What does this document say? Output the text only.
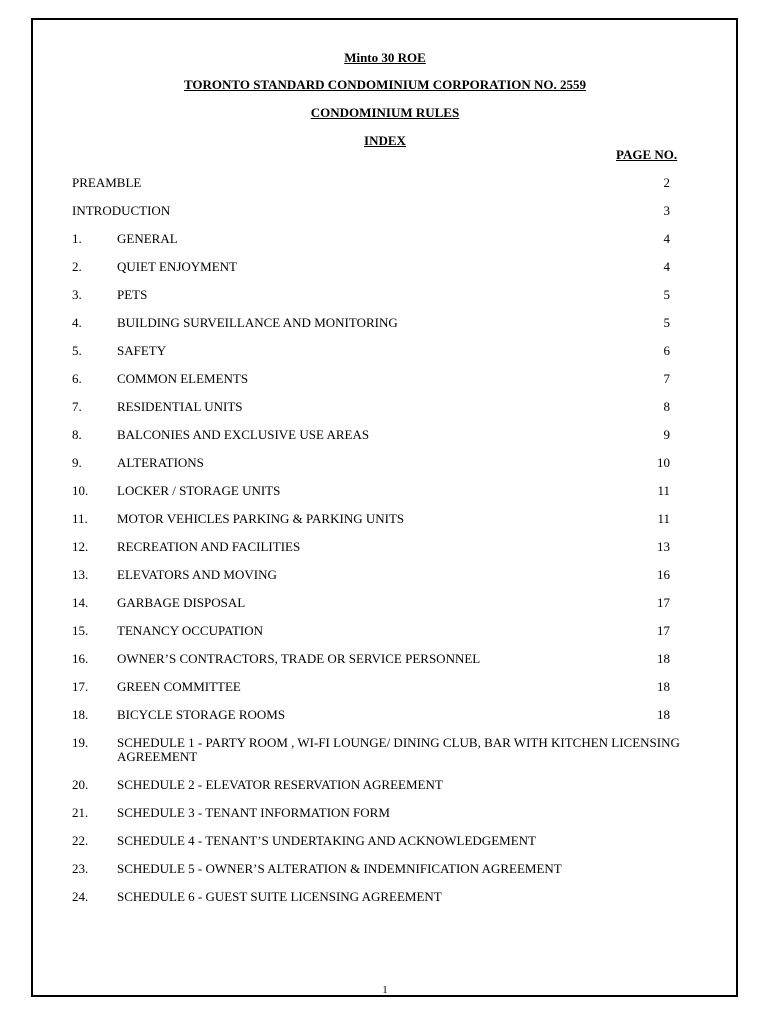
Minto 30 ROE
TORONTO STANDARD CONDOMINIUM CORPORATION NO. 2559
CONDOMINIUM RULES
INDEX
PAGE NO.
PREAMBLE	2
INTRODUCTION	3
1.	GENERAL	4
2.	QUIET ENJOYMENT	4
3.	PETS	5
4.	BUILDING SURVEILLANCE AND MONITORING	5
5.	SAFETY	6
6.	COMMON ELEMENTS	7
7.	RESIDENTIAL UNITS	8
8.	BALCONIES AND EXCLUSIVE USE AREAS	9
9.	ALTERATIONS	10
10.	LOCKER / STORAGE UNITS	11
11.	MOTOR VEHICLES PARKING & PARKING UNITS	11
12.	RECREATION AND FACILITIES	13
13.	ELEVATORS AND MOVING	16
14.	GARBAGE DISPOSAL	17
15.	TENANCY OCCUPATION	17
16.	OWNER’S CONTRACTORS, TRADE OR SERVICE PERSONNEL	18
17.	GREEN COMMITTEE	18
18.	BICYCLE STORAGE ROOMS	18
19.	SCHEDULE 1 - PARTY ROOM , WI-FI LOUNGE/ DINING CLUB, BAR WITH KITCHEN LICENSING AGREEMENT
20.	SCHEDULE 2 - ELEVATOR RESERVATION AGREEMENT
21.	SCHEDULE 3 - TENANT INFORMATION FORM
22.	SCHEDULE 4 - TENANT’S UNDERTAKING AND ACKNOWLEDGEMENT
23.	SCHEDULE 5 - OWNER’S ALTERATION & INDEMNIFICATION AGREEMENT
24.	SCHEDULE 6 - GUEST SUITE LICENSING AGREEMENT
1
